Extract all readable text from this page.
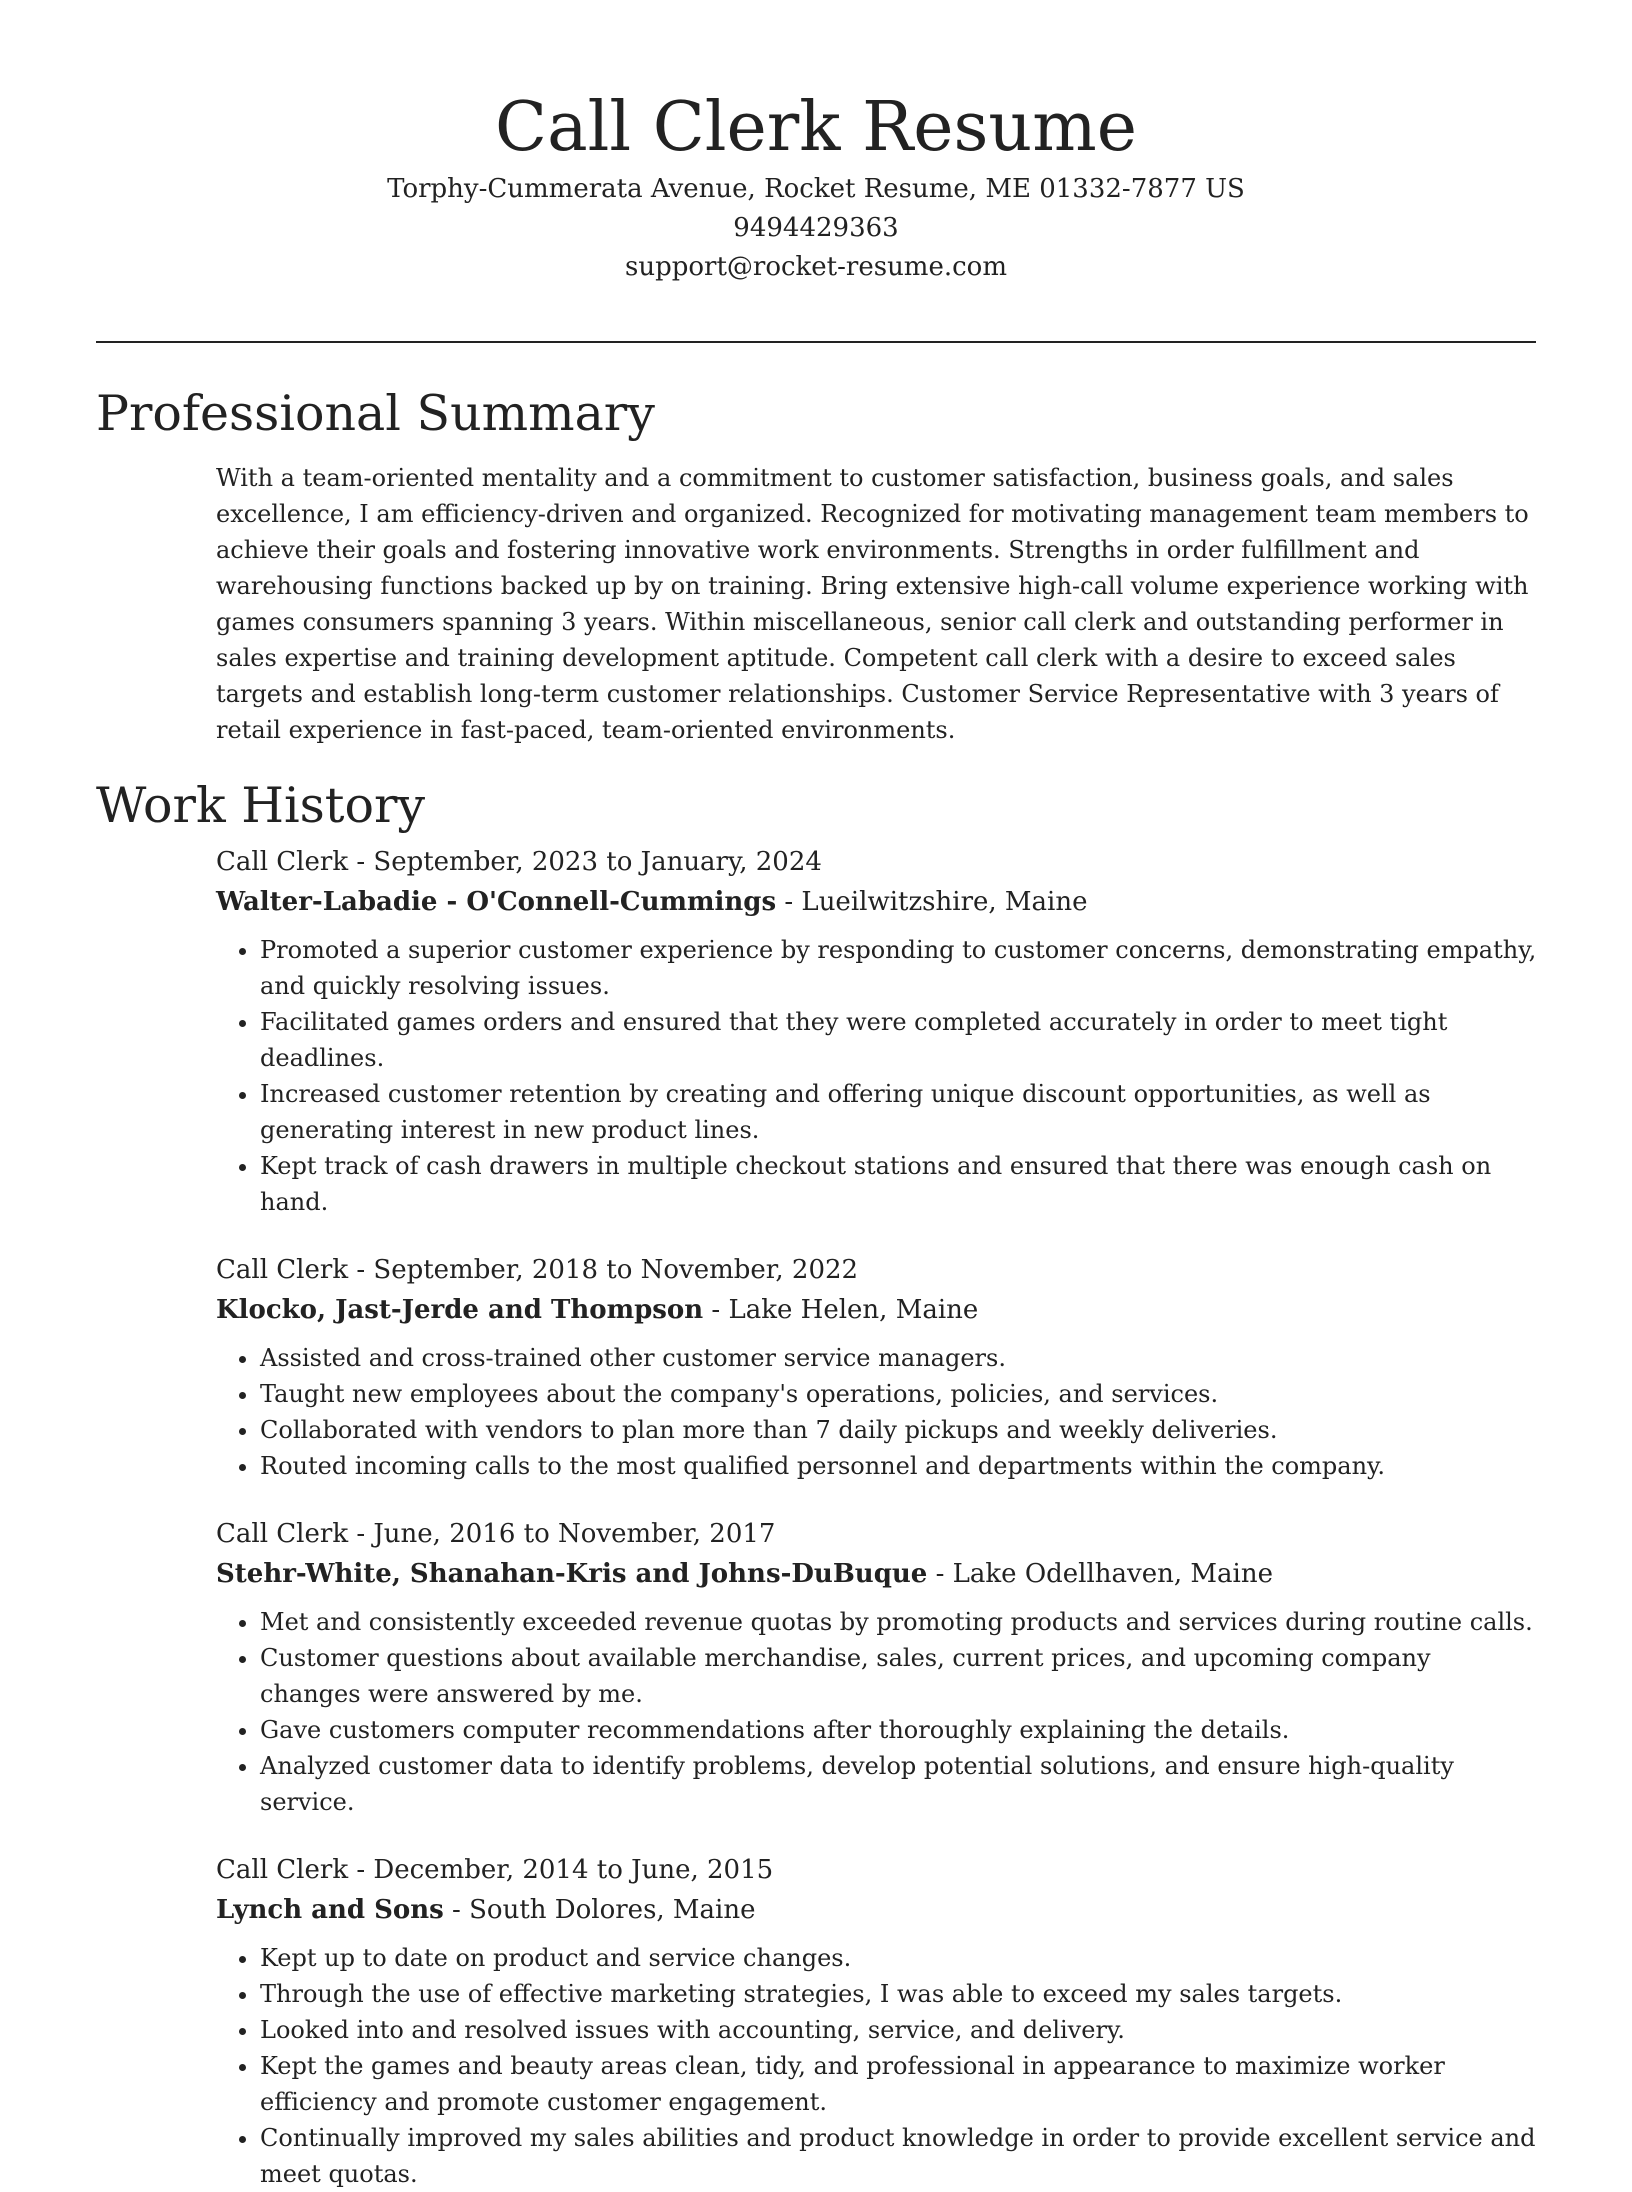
Call Clerk Resume

Torphy-Cummerata Avenue, Rocket Resume, ME 01332-7877 US

9494429363

support@rocket-resume.com

Professional Summary

With a team-oriented mentality and a commitment to customer satisfaction, business goals, and sales excellence, I am efficiency-driven and organized. Recognized for motivating management team members to achieve their goals and fostering innovative work environments. Strengths in order fulfillment and warehousing functions backed up by on training. Bring extensive high-call volume experience working with games consumers spanning 3 years. Within miscellaneous, senior call clerk and outstanding performer in sales expertise and training development aptitude. Competent call clerk with a desire to exceed sales targets and establish long-term customer relationships. Customer Service Representative with 3 years of retail experience in fast-paced, team-oriented environments.

Work History

Call Clerk - September, 2023 to January, 2024

Walter-Labadie - O'Connell-Cummings - Lueilwitzshire, Maine

• Promoted a superior customer experience by responding to customer concerns, demonstrating empathy, and quickly resolving issues.
• Facilitated games orders and ensured that they were completed accurately in order to meet tight deadlines.
• Increased customer retention by creating and offering unique discount opportunities, as well as generating interest in new product lines.
• Kept track of cash drawers in multiple checkout stations and ensured that there was enough cash on hand.

Call Clerk - September, 2018 to November, 2022

Klocko, Jast-Jerde and Thompson - Lake Helen, Maine

• Assisted and cross-trained other customer service managers.
• Taught new employees about the company's operations, policies, and services.
• Collaborated with vendors to plan more than 7 daily pickups and weekly deliveries.
• Routed incoming calls to the most qualified personnel and departments within the company.

Call Clerk - June, 2016 to November, 2017

Stehr-White, Shanahan-Kris and Johns-DuBuque - Lake Odellhaven, Maine

• Met and consistently exceeded revenue quotas by promoting products and services during routine calls.
• Customer questions about available merchandise, sales, current prices, and upcoming company changes were answered by me.
• Gave customers computer recommendations after thoroughly explaining the details.
• Analyzed customer data to identify problems, develop potential solutions, and ensure high-quality service.

Call Clerk - December, 2014 to June, 2015

Lynch and Sons - South Dolores, Maine

• Kept up to date on product and service changes.
• Through the use of effective marketing strategies, I was able to exceed my sales targets.
• Looked into and resolved issues with accounting, service, and delivery.
• Kept the games and beauty areas clean, tidy, and professional in appearance to maximize worker efficiency and promote customer engagement.
• Continually improved my sales abilities and product knowledge in order to provide excellent service and meet quotas.
